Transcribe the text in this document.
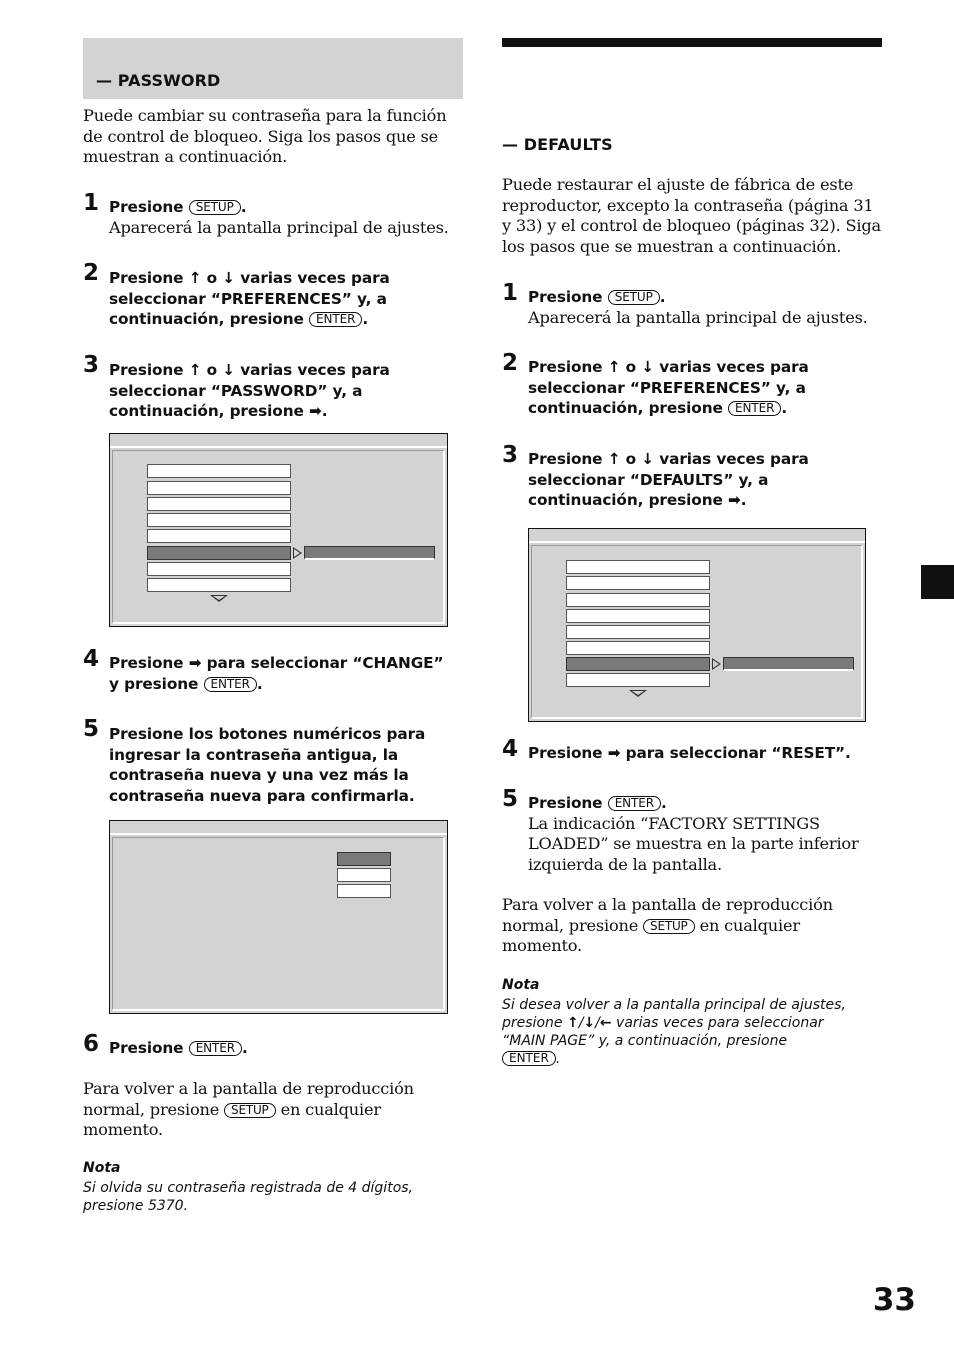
— PASSWORD
Puede cambiar su contraseña para la función de control de bloqueo. Siga los pasos que se muestran a continuación.
1 Presione SETUP .
Aparecerá la pantalla principal de ajustes.
2 Presione ↑ o ↓ varias veces para
seleccionar “PREFERENCES” y, a
continuación, presione ENTER .
3 Presione ↑ o ↓ varias veces para
seleccionar “PASSWORD” y, a
continuación, presione ➡.
4 Presione ➡ para seleccionar “CHANGE”
y presione ENTER .
5 Presione los botones numéricos para
ingresar la contraseña antigua, la
contraseña nueva y una vez más la
contraseña nueva para confirmarla.
6 Presione ENTER .
Para volver a la pantalla de reproducción
normal, presione SETUP en cualquier
momento.
Nota
Si olvida su contraseña registrada de 4 dígitos,
presione 5370.
— DEFAULTS
Puede restaurar el ajuste de fábrica de este reproductor, excepto la contraseña (página 31 y 33) y el control de bloqueo (páginas 32). Siga los pasos que se muestran a continuación.
1 Presione SETUP .
Aparecerá la pantalla principal de ajustes.
2 Presione ↑ o ↓ varias veces para
seleccionar “PREFERENCES” y, a
continuación, presione ENTER .
3 Presione ↑ o ↓ varias veces para
seleccionar “DEFAULTS” y, a
continuación, presione ➡.
4 Presione ➡ para seleccionar “RESET”.
5 Presione ENTER .
La indicación “FACTORY SETTINGS
LOADED” se muestra en la parte inferior
izquierda de la pantalla.
Para volver a la pantalla de reproducción
normal, presione SETUP en cualquier
momento.
Nota
Si desea volver a la pantalla principal de ajustes,
presione ↑/↓/← varias veces para seleccionar
“MAIN PAGE” y, a continuación, presione
ENTER .
33
